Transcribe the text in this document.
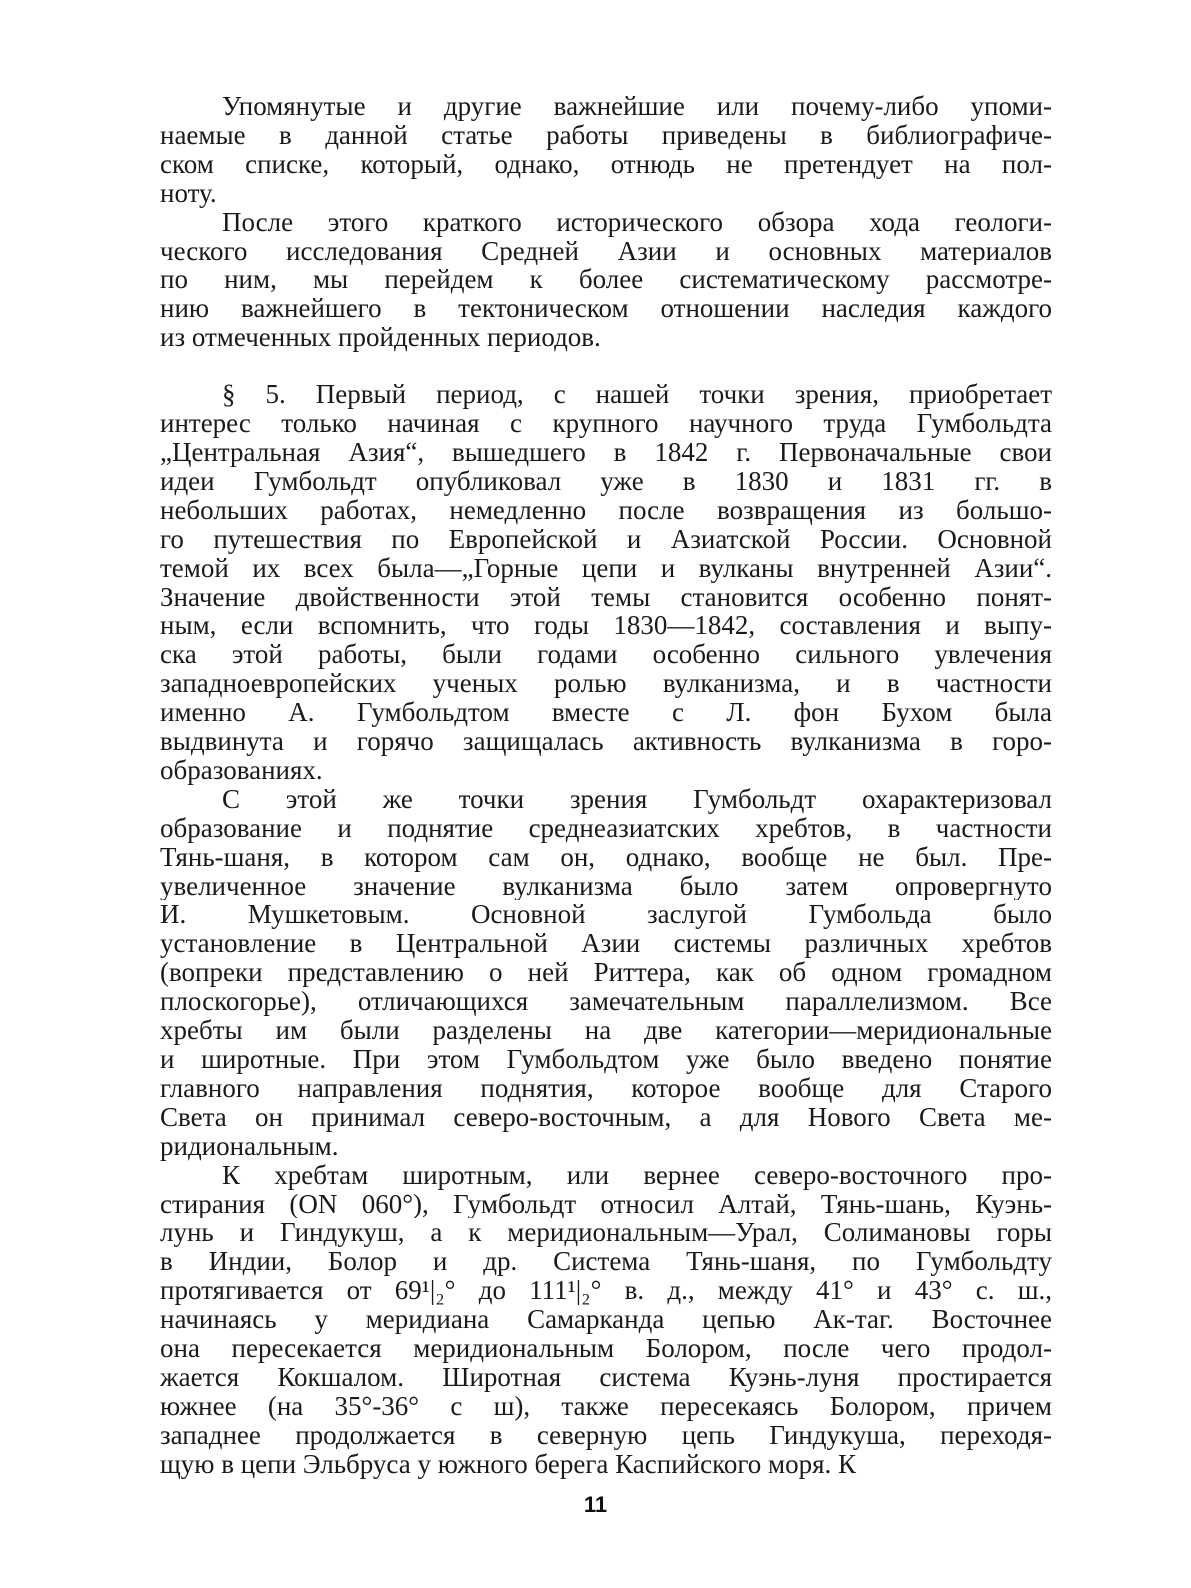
Упомянутые и другие важнейшие или почему-либо упоми-
наемые в данной статье работы приведены в библиографиче-
ском списке, который, однако, отнюдь не претендует на пол-
ноту.
После этого краткого исторического обзора хода геологи-
ческого исследования Средней Азии и основных материалов
по ним, мы перейдем к более систематическому рассмотре-
нию важнейшего в тектоническом отношении наследия каждого
из отмеченных пройденных периодов.
§ 5. Первый период, с нашей точки зрения, приобретает
интерес только начиная с крупного научного труда Гумбольдта
„Центральная Азия“, вышедшего в 1842 г. Первоначальные свои
идеи Гумбольдт опубликовал уже в 1830 и 1831 гг. в
небольших работах, немедленно после возвращения из большо-
го путешествия по Европейской и Азиатской России. Основной
темой их всех была—„Горные цепи и вулканы внутренней Азии“.
Значение двойственности этой темы становится особенно понят-
ным, если вспомнить, что годы 1830—1842, составления и выпу-
ска этой работы, были годами особенно сильного увлечения
западноевропейских ученых ролью вулканизма, и в частности
именно А. Гумбольдтом вместе с Л. фон Бухом была
выдвинута и горячо защищалась активность вулканизма в горо-
образованиях.
С этой же точки зрения Гумбольдт охарактеризовал
образование и поднятие среднеазиатских хребтов, в частности
Тянь-шаня, в котором сам он, однако, вообще не был. Пре-
увеличенное значение вулканизма было затем опровергнуто
И. Мушкетовым. Основной заслугой Гумбольда было
установление в Центральной Азии системы различных хребтов
(вопреки представлению о ней Риттера, как об одном громадном
плоскогорье), отличающихся замечательным параллелизмом. Все
хребты им были разделены на две категории—меридиональные
и широтные. При этом Гумбольдтом уже было введено понятие
главного направления поднятия, которое вообще для Старого
Света он принимал северо-восточным, а для Нового Света ме-
ридиональным.
К хребтам широтным, или вернее северо-восточного про-
стирания (ON 060°), Гумбольдт относил Алтай, Тянь-шань, Куэнь-
лунь и Гиндукуш, а к меридиональным—Урал, Солимановы горы
в Индии, Болор и др. Система Тянь-шаня, по Гумбольдту
протягивается от 69¹|₂° до 111¹|₂° в. д., между 41° и 43° с. ш.,
начинаясь у меридиана Самарканда цепью Ак-таг. Восточнее
она пересекается меридиональным Болором, после чего продол-
жается Кокшалом. Широтная система Куэнь-луня простирается
южнее (на 35°-36° с ш), также пересекаясь Болором, причем
западнее продолжается в северную цепь Гиндукуша, переходя-
щую в цепи Эльбруса у южного берега Каспийского моря. К
11
